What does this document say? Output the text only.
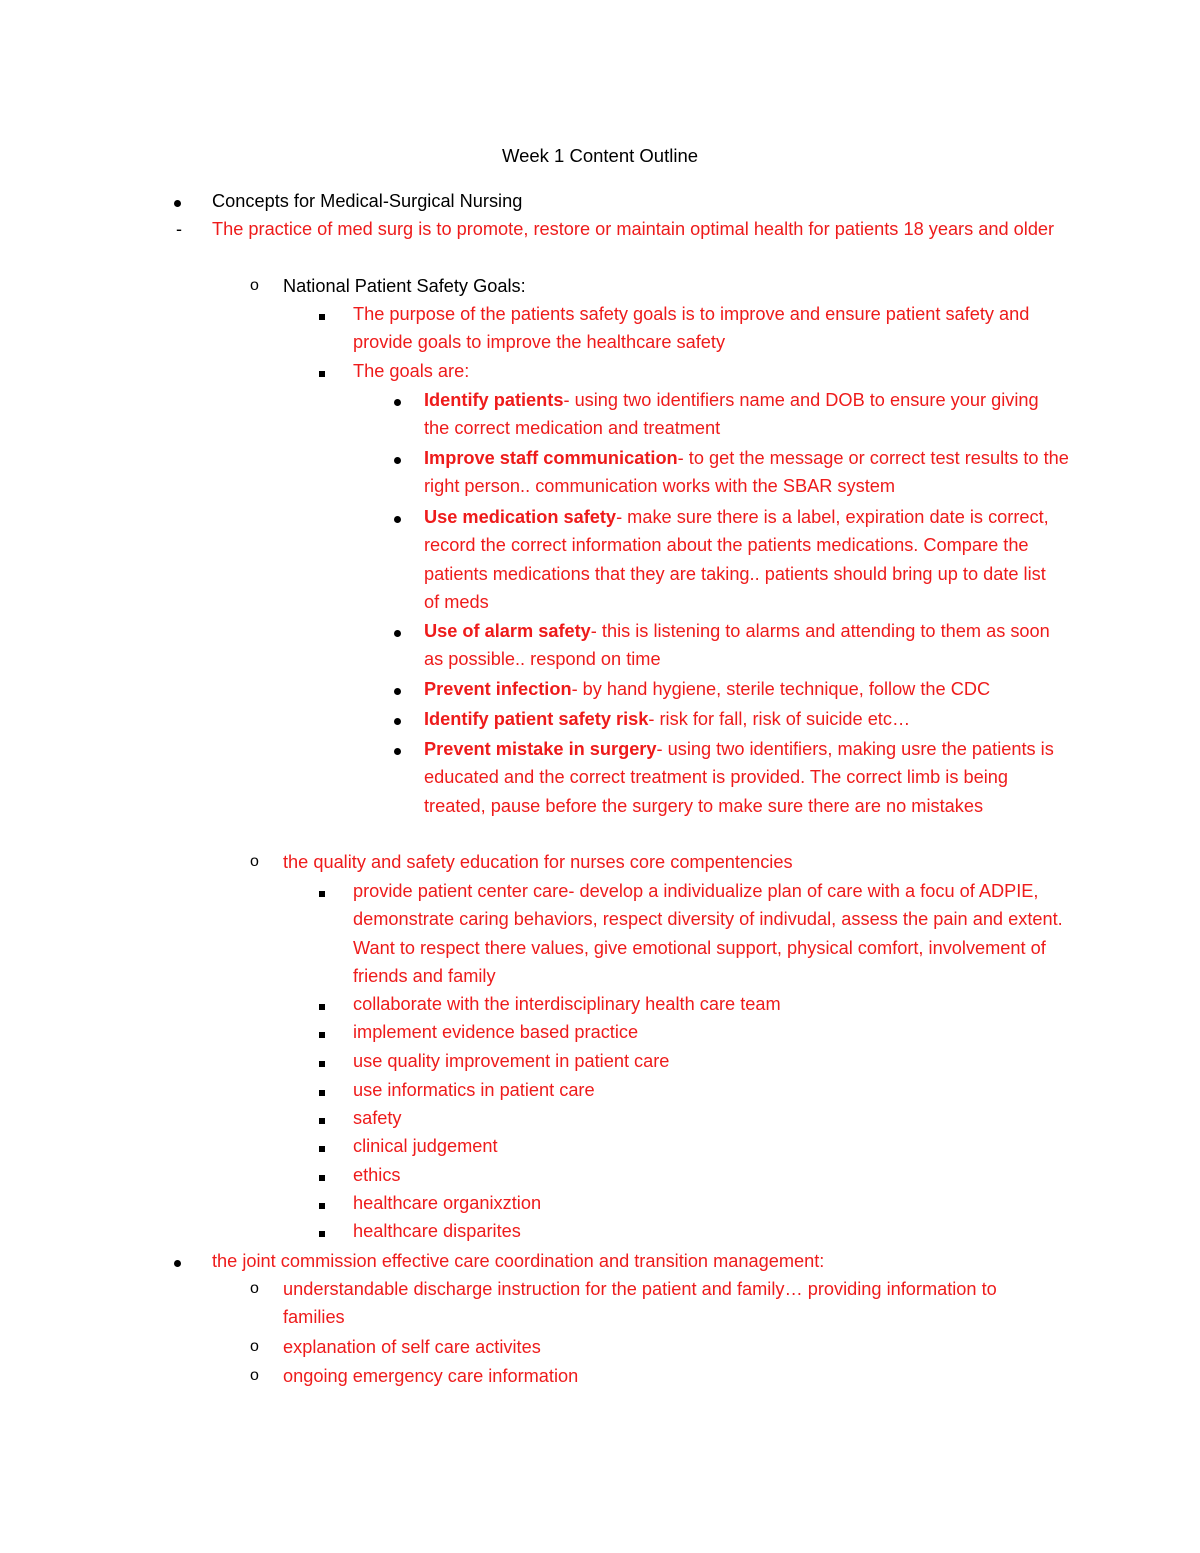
Week 1 Content Outline
Concepts for Medical-Surgical Nursing
- The practice of med surg is to promote, restore or maintain optimal health for patients 18 years and older
o National Patient Safety Goals:
The purpose of the patients safety goals is to improve and ensure patient safety and provide goals to improve the healthcare safety
The goals are:
Identify patients- using two identifiers name and DOB to ensure your giving the correct medication and treatment
Improve staff communication- to get the message or correct test results to the right person.. communication works with the SBAR system
Use medication safety- make sure there is a label, expiration date is correct, record the correct information about the patients medications. Compare the patients medications that they are taking.. patients should bring up to date list of meds
Use of alarm safety- this is listening to alarms and attending to them as soon as possible.. respond on time
Prevent infection- by hand hygiene, sterile technique, follow the CDC
Identify patient safety risk- risk for fall, risk of suicide etc…
Prevent mistake in surgery- using two identifiers, making usre the patients is educated and the correct treatment is provided. The correct limb is being treated, pause before the surgery to make sure there are no mistakes
o the quality and safety education for nurses core compentencies
provide patient center care- develop a individualize plan of care with a focu of ADPIE, demonstrate caring behaviors, respect diversity of indivudal, assess the pain and extent. Want to respect there values, give emotional support, physical comfort, involvement of friends and family
collaborate with the interdisciplinary health care team
implement evidence based practice
use quality improvement in patient care
use informatics in patient care
safety
clinical judgement
ethics
healthcare organixztion
healthcare disparites
the joint commission effective care coordination and transition management:
o understandable discharge instruction for the patient and family… providing information to families
o explanation of self care activites
o ongoing emergency care information
